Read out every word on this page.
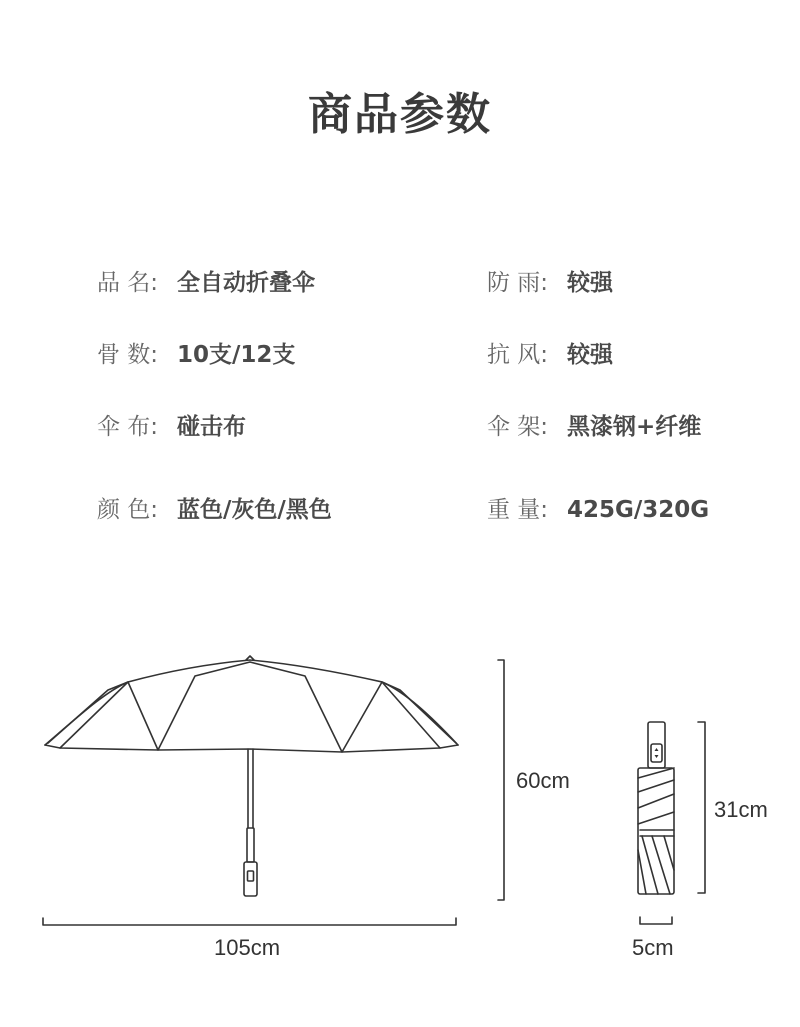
商品参数
品 名: 全自动折叠伞	防 雨: 较强
骨 数: 10支/12支	抗 风: 较强
伞 布: 碰击布	伞 架: 黑漆钢+纤维
颜 色: 蓝色/灰色/黑色	重 量: 425G/320G
60cm
105cm
31cm
5cm
